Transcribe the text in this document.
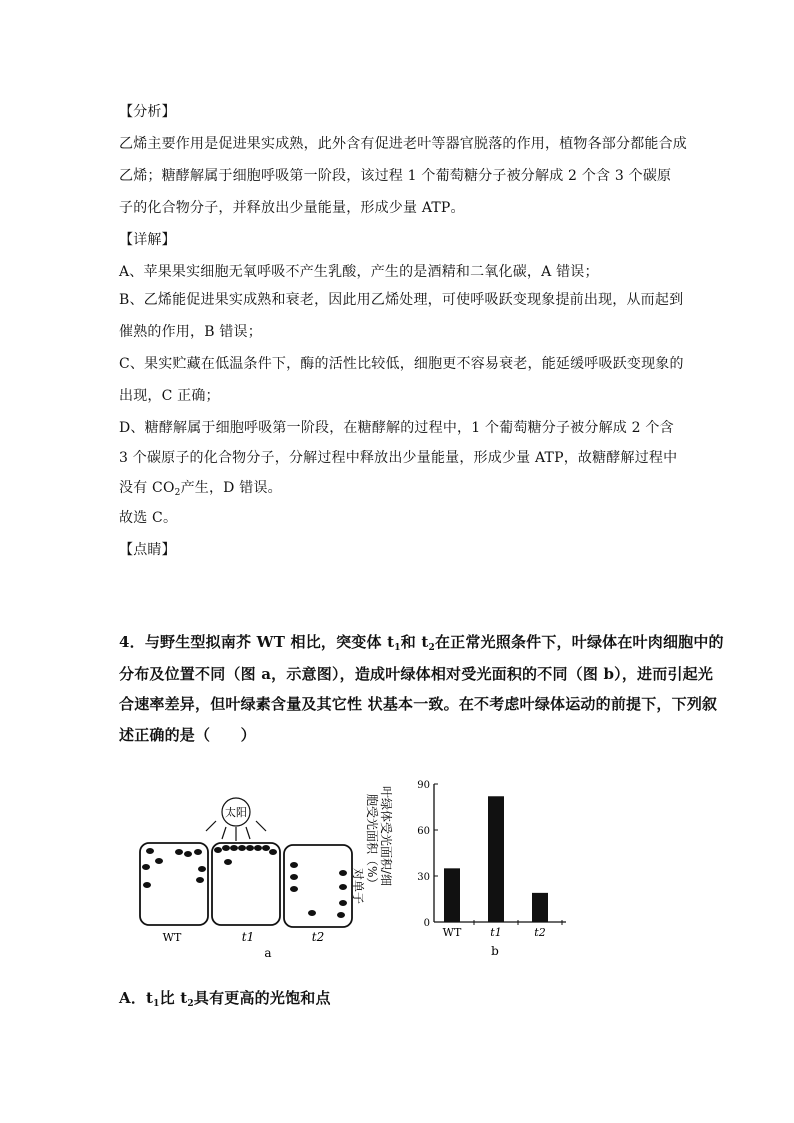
【分析】
乙烯主要作用是促进果实成熟，此外含有促进老叶等器官脱落的作用，植物各部分都能合成
乙烯；糖酵解属于细胞呼吸第一阶段，该过程 1 个葡萄糖分子被分解成 2 个含 3 个碳原
子的化合物分子，并释放出少量能量，形成少量 ATP。
【详解】
A、苹果果实细胞无氧呼吸不产生乳酸，产生的是酒精和二氧化碳，A 错误；
B、乙烯能促进果实成熟和衰老，因此用乙烯处理，可使呼吸跃变现象提前出现，从而起到
催熟的作用，B 错误；
C、果实贮藏在低温条件下，酶的活性比较低，细胞更不容易衰老，能延缓呼吸跃变现象的
出现，C 正确；
D、糖酵解属于细胞呼吸第一阶段，在糖酵解的过程中，1 个葡萄糖分子被分解成 2 个含
3 个碳原子的化合物分子，分解过程中释放出少量能量，形成少量 ATP，故糖酵解过程中
没有 $CO_2$产生，D 错误。
故选 C。
【点睛】
4．与野生型拟南芥 WT 相比，突变体 $t_1$和 $t_2$在正常光照条件下，叶绿体在叶肉细胞中的
分布及位置不同（图 a，示意图），造成叶绿体相对受光面积的不同（图 b），进而引起光
合速率差异，但叶绿素含量及其它性 状基本一致。在不考虑叶绿体运动的前提下，下列叙
述正确的是（　　）
太阳
WT	t1	t2
a
叶绿体受光面积/细
胞受光面积（%）
对单子
0
30
60
90
WT	t1	t2
b
A．$t_1$比 $t_2$具有更高的光饱和点
